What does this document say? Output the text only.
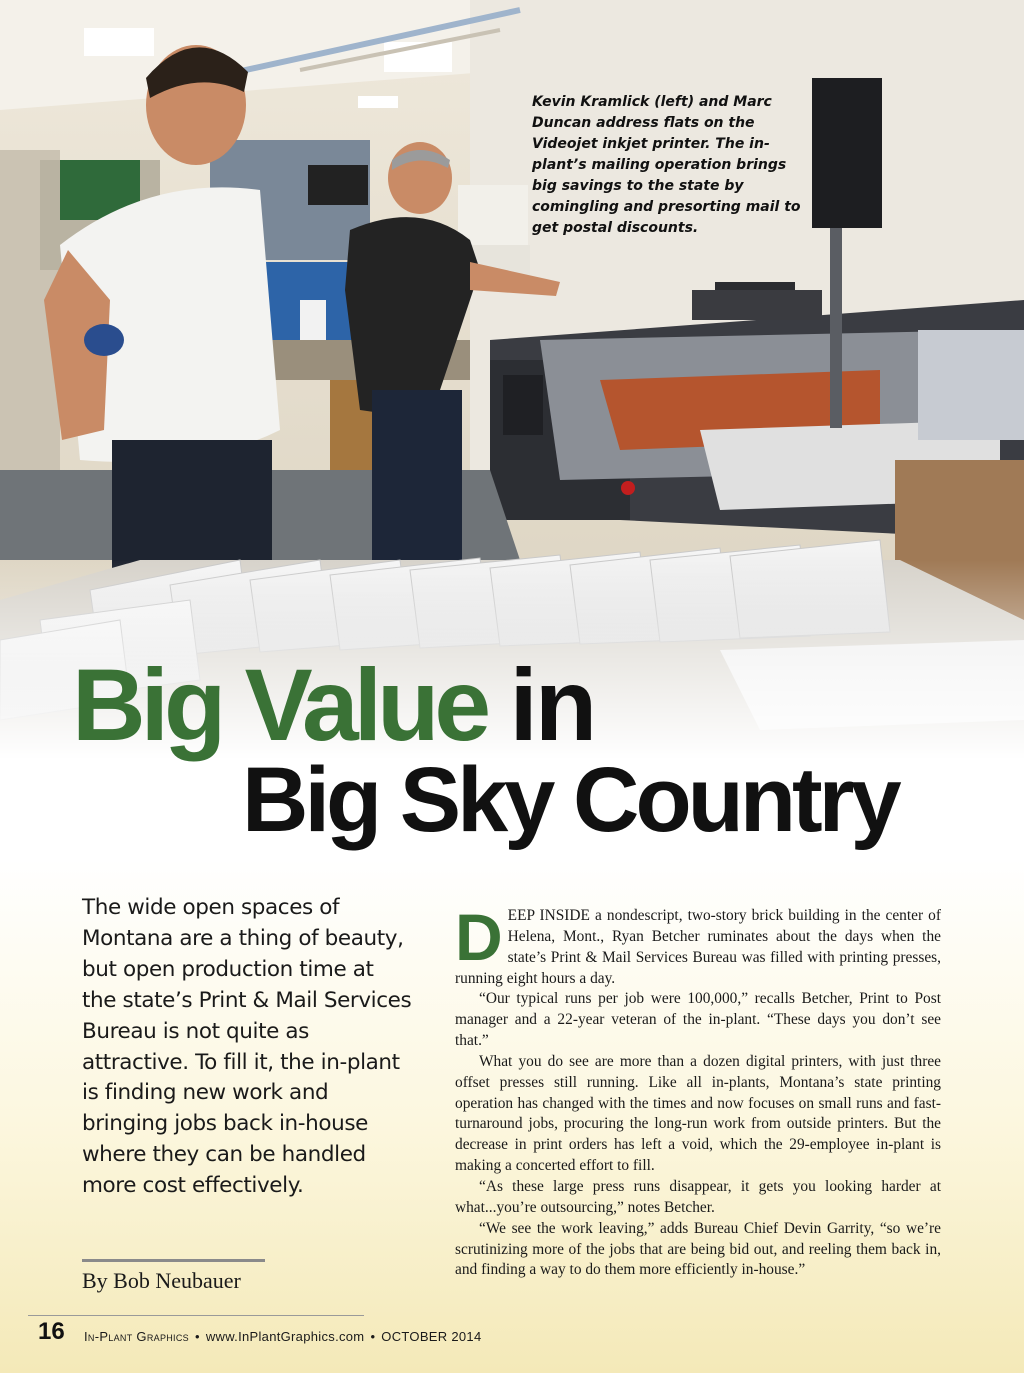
Kevin Kramlick (left) and Marc Duncan address flats on the Videojet inkjet printer. The in-plant’s mailing operation brings big savings to the state by comingling and presorting mail to get postal discounts.
Big Value in
Big Sky Country
The wide open spaces of Montana are a thing of beauty, but open production time at the state’s Print & Mail Services Bureau is not quite as attractive. To fill it, the in-plant is finding new work and bringing jobs back in-house where they can be handled more cost effectively.
By Bob Neubauer

DEEP INSIDE a nondescript, two-story brick building in the center of Helena, Mont., Ryan Betcher ruminates about the days when the state’s Print & Mail Services Bureau was filled with printing presses, running eight hours a day.

“Our typical runs per job were 100,000,” recalls Betcher, Print to Post manager and a 22-year veteran of the in-plant. “These days you don’t see that.”

What you do see are more than a dozen digital printers, with just three offset presses still running. Like all in-plants, Montana’s state printing operation has changed with the times and now focuses on small runs and fast-turnaround jobs, procuring the long-run work from outside printers. But the decrease in print orders has left a void, which the 29-employee in-plant is making a concerted effort to fill.

“As these large press runs disappear, it gets you looking harder at what...you’re outsourcing,” notes Betcher.

“We see the work leaving,” adds Bureau Chief Devin Garrity, “so we’re scrutinizing more of the jobs that are being bid out, and reeling them back in, and finding a way to do them more efficiently in-house.”

16 In-Plant Graphics • www.InPlantGraphics.com • OCTOBER 2014
